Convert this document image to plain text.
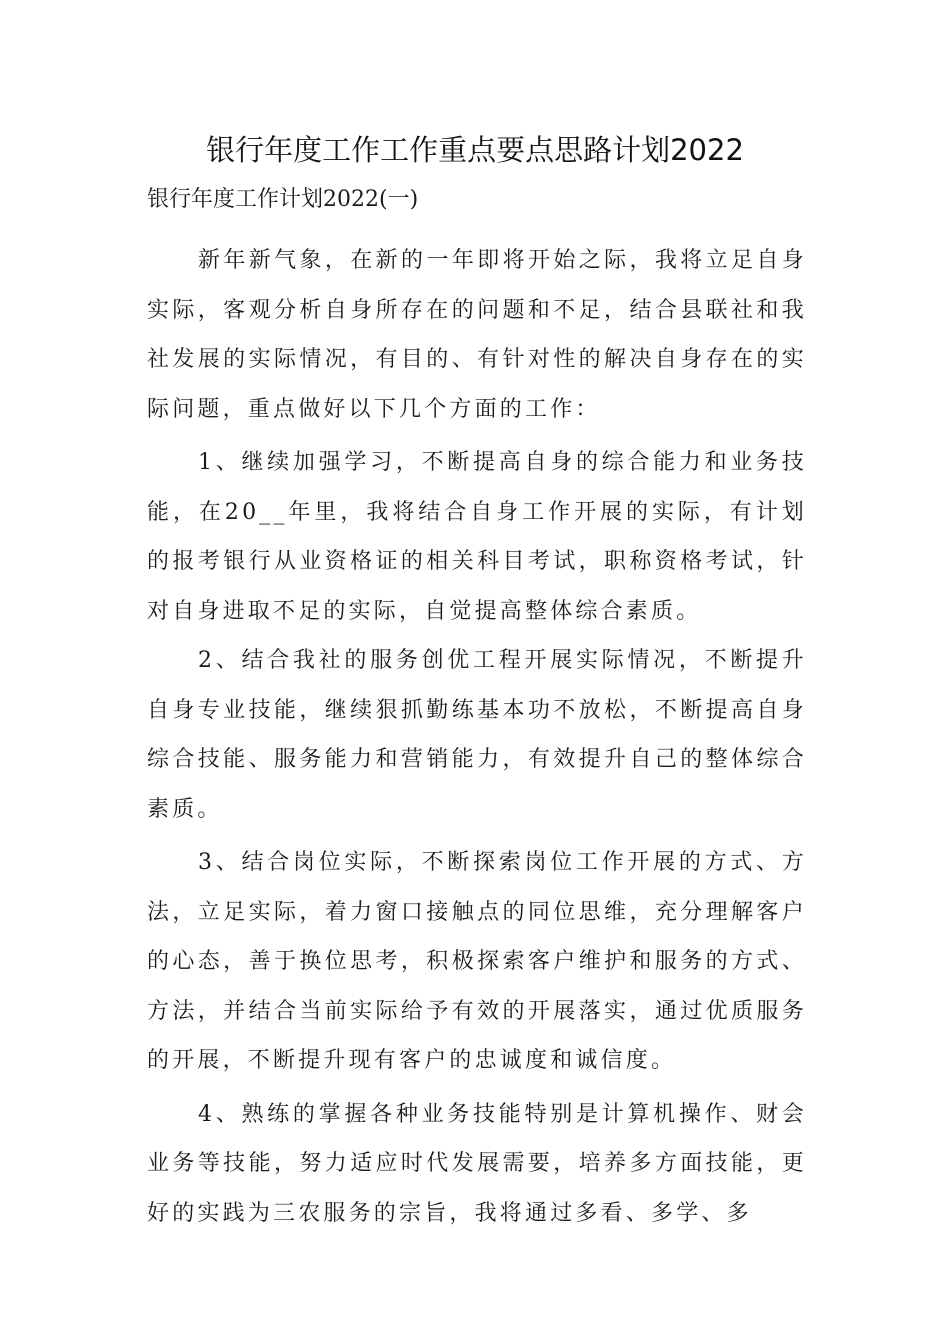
银行年度工作工作重点要点思路计划2022

银行年度工作计划2022(一)

新年新气象，在新的一年即将开始之际，我将立足自身实际，客观分析自身所存在的问题和不足，结合县联社和我社发展的实际情况，有目的、有针对性的解决自身存在的实际问题，重点做好以下几个方面的工作：

1、继续加强学习，不断提高自身的综合能力和业务技能，在20__年里，我将结合自身工作开展的实际，有计划的报考银行从业资格证的相关科目考试，职称资格考试，针对自身进取不足的实际，自觉提高整体综合素质。

2、结合我社的服务创优工程开展实际情况，不断提升自身专业技能，继续狠抓勤练基本功不放松，不断提高自身综合技能、服务能力和营销能力，有效提升自己的整体综合素质。

3、结合岗位实际，不断探索岗位工作开展的方式、方法，立足实际，着力窗口接触点的同位思维，充分理解客户的心态，善于换位思考，积极探索客户维护和服务的方式、方法，并结合当前实际给予有效的开展落实，通过优质服务的开展，不断提升现有客户的忠诚度和诚信度。

4、熟练的掌握各种业务技能特别是计算机操作、财会业务等技能，努力适应时代发展需要，培养多方面技能，更好的实践为三农服务的宗旨，我将通过多看、多学、多
